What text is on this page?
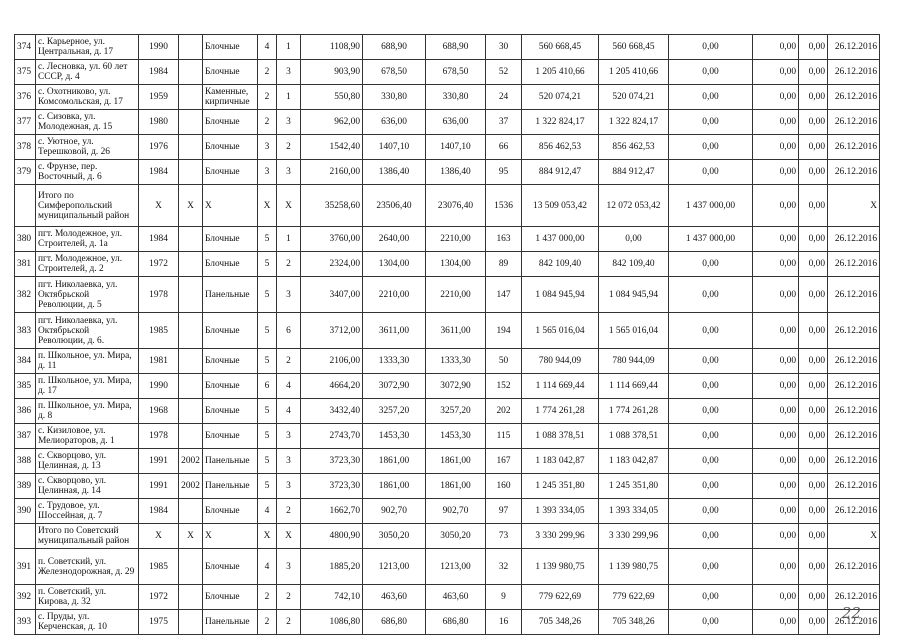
374	с. Карьерное, ул. Центральная, д. 17	1990		Блочные	4	1	1108,90	688,90	688,90	30	560 668,45	560 668,45	0,00	0,00	0,00	26.12.2016
375	с. Лесновка, ул. 60 лет СССР, д. 4	1984		Блочные	2	3	903,90	678,50	678,50	52	1 205 410,66	1 205 410,66	0,00	0,00	0,00	26.12.2016
376	с. Охотниково, ул. Комсомольская, д. 17	1959		Каменные, кирпичные	2	1	550,80	330,80	330,80	24	520 074,21	520 074,21	0,00	0,00	0,00	26.12.2016
377	с. Сизовка, ул. Молодежная, д. 15	1980		Блочные	2	3	962,00	636,00	636,00	37	1 322 824,17	1 322 824,17	0,00	0,00	0,00	26.12.2016
378	с. Уютное, ул. Терешковой, д. 26	1976		Блочные	3	2	1542,40	1407,10	1407,10	66	856 462,53	856 462,53	0,00	0,00	0,00	26.12.2016
379	с. Фрунзе, пер. Восточный, д. 6	1984		Блочные	3	3	2160,00	1386,40	1386,40	95	884 912,47	884 912,47	0,00	0,00	0,00	26.12.2016
	Итого по Симферопольский муниципальный район	X	X	X	X	X	35258,60	23506,40	23076,40	1536	13 509 053,42	12 072 053,42	1 437 000,00	0,00	0,00	X
380	пгт. Молодежное, ул. Строителей, д. 1а	1984		Блочные	5	1	3760,00	2640,00	2210,00	163	1 437 000,00	0,00	1 437 000,00	0,00	0,00	26.12.2016
381	пгт. Молодежное, ул. Строителей, д. 2	1972		Блочные	5	2	2324,00	1304,00	1304,00	89	842 109,40	842 109,40	0,00	0,00	0,00	26.12.2016
382	пгт. Николаевка, ул. Октябрьской Революции, д. 5	1978		Панельные	5	3	3407,00	2210,00	2210,00	147	1 084 945,94	1 084 945,94	0,00	0,00	0,00	26.12.2016
383	пгт. Николаевка, ул. Октябрьской Революции, д. 6.	1985		Блочные	5	6	3712,00	3611,00	3611,00	194	1 565 016,04	1 565 016,04	0,00	0,00	0,00	26.12.2016
384	п. Школьное, ул. Мира, д. 11	1981		Блочные	5	2	2106,00	1333,30	1333,30	50	780 944,09	780 944,09	0,00	0,00	0,00	26.12.2016
385	п. Школьное, ул. Мира, д. 17	1990		Блочные	6	4	4664,20	3072,90	3072,90	152	1 114 669,44	1 114 669,44	0,00	0,00	0,00	26.12.2016
386	п. Школьное, ул. Мира, д. 8	1968		Блочные	5	4	3432,40	3257,20	3257,20	202	1 774 261,28	1 774 261,28	0,00	0,00	0,00	26.12.2016
387	с. Кизиловое, ул. Мелиораторов, д. 1	1978		Блочные	5	3	2743,70	1453,30	1453,30	115	1 088 378,51	1 088 378,51	0,00	0,00	0,00	26.12.2016
388	с. Скворцово, ул. Целинная, д. 13	1991	2002	Панельные	5	3	3723,30	1861,00	1861,00	167	1 183 042,87	1 183 042,87	0,00	0,00	0,00	26.12.2016
389	с. Скворцово, ул. Целинная, д. 14	1991	2002	Панельные	5	3	3723,30	1861,00	1861,00	160	1 245 351,80	1 245 351,80	0,00	0,00	0,00	26.12.2016
390	с. Трудовое, ул. Шоссейная, д. 7	1984		Блочные	4	2	1662,70	902,70	902,70	97	1 393 334,05	1 393 334,05	0,00	0,00	0,00	26.12.2016
	Итого по Советский муниципальный район	X	X	X	X	X	4800,90	3050,20	3050,20	73	3 330 299,96	3 330 299,96	0,00	0,00	0,00	X
391	п. Советский, ул. Железнодорожная, д. 29	1985		Блочные	4	3	1885,20	1213,00	1213,00	32	1 139 980,75	1 139 980,75	0,00	0,00	0,00	26.12.2016
392	п. Советский, ул. Кирова, д. 32	1972		Блочные	2	2	742,10	463,60	463,60	9	779 622,69	779 622,69	0,00	0,00	0,00	26.12.2016
393	с. Пруды, ул. Керченская, д. 10	1975		Панельные	2	2	1086,80	686,80	686,80	16	705 348,26	705 348,26	0,00	0,00	0,00	26.12.2016
22
